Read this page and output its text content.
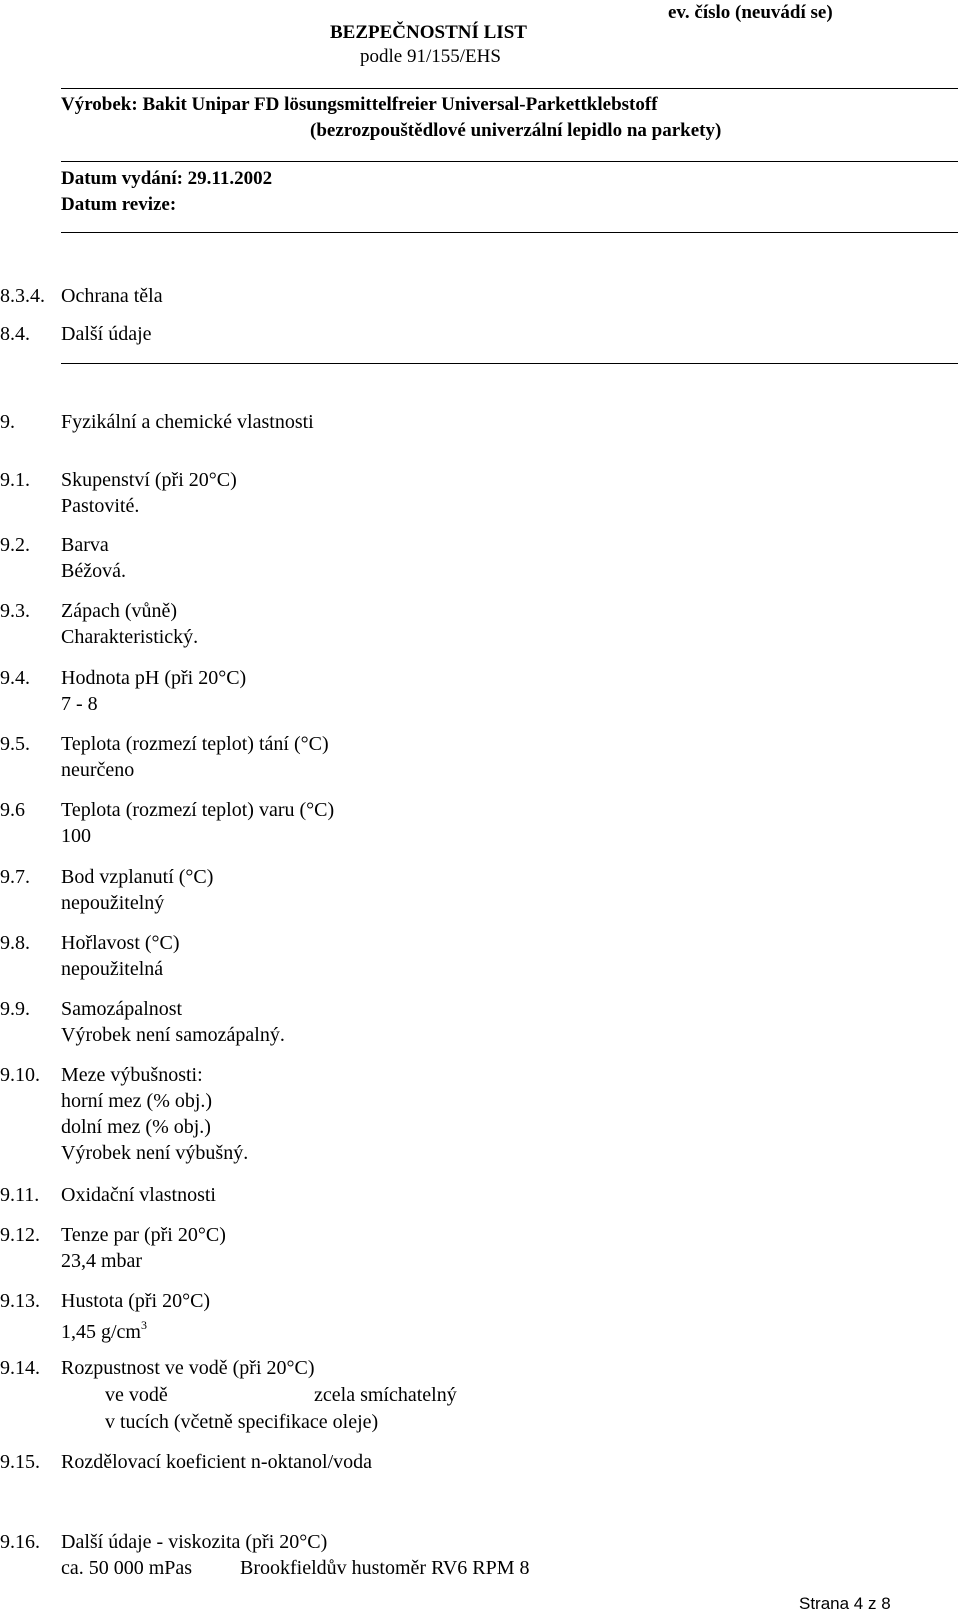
ev. číslo (neuvádí se)
BEZPEČNOSTNÍ LIST
podle 91/155/EHS
Výrobek: Bakit Unipar FD lösungsmittelfreier Universal-Parkettklebstoff
(bezrozpouštědlové univerzální lepidlo na parkety)
Datum vydání: 29.11.2002
Datum revize:
8.3.4. Ochrana těla
8.4. Další údaje
9. Fyzikální a chemické vlastnosti
9.1. Skupenství (při 20°C)
Pastovité.
9.2. Barva
Béžová.
9.3. Zápach (vůně)
Charakteristický.
9.4. Hodnota pH (při 20°C)
7 - 8
9.5. Teplota (rozmezí teplot) tání (°C)
neurčeno
9.6 Teplota (rozmezí teplot) varu (°C)
100
9.7. Bod vzplanutí (°C)
nepoužitelný
9.8. Hořlavost (°C)
nepoužitelná
9.9. Samozápalnost
Výrobek není samozápalný.
9.10. Meze výbušnosti:
horní mez (% obj.)
dolní mez (% obj.)
Výrobek není výbušný.
9.11. Oxidační vlastnosti
9.12. Tenze par (při 20°C)
23,4 mbar
9.13. Hustota (při 20°C)
1,45 $g/cm^3$
9.14. Rozpustnost ve vodě (při 20°C)
ve vodě	zcela smíchatelný
v tucích (včetně specifikace oleje)
9.15. Rozdělovací koeficient n-oktanol/voda
9.16. Další údaje - viskozita (při 20°C)
ca. 50 000 mPas Brookfieldův hustoměr RV6 RPM 8
Strana 4 z 8
